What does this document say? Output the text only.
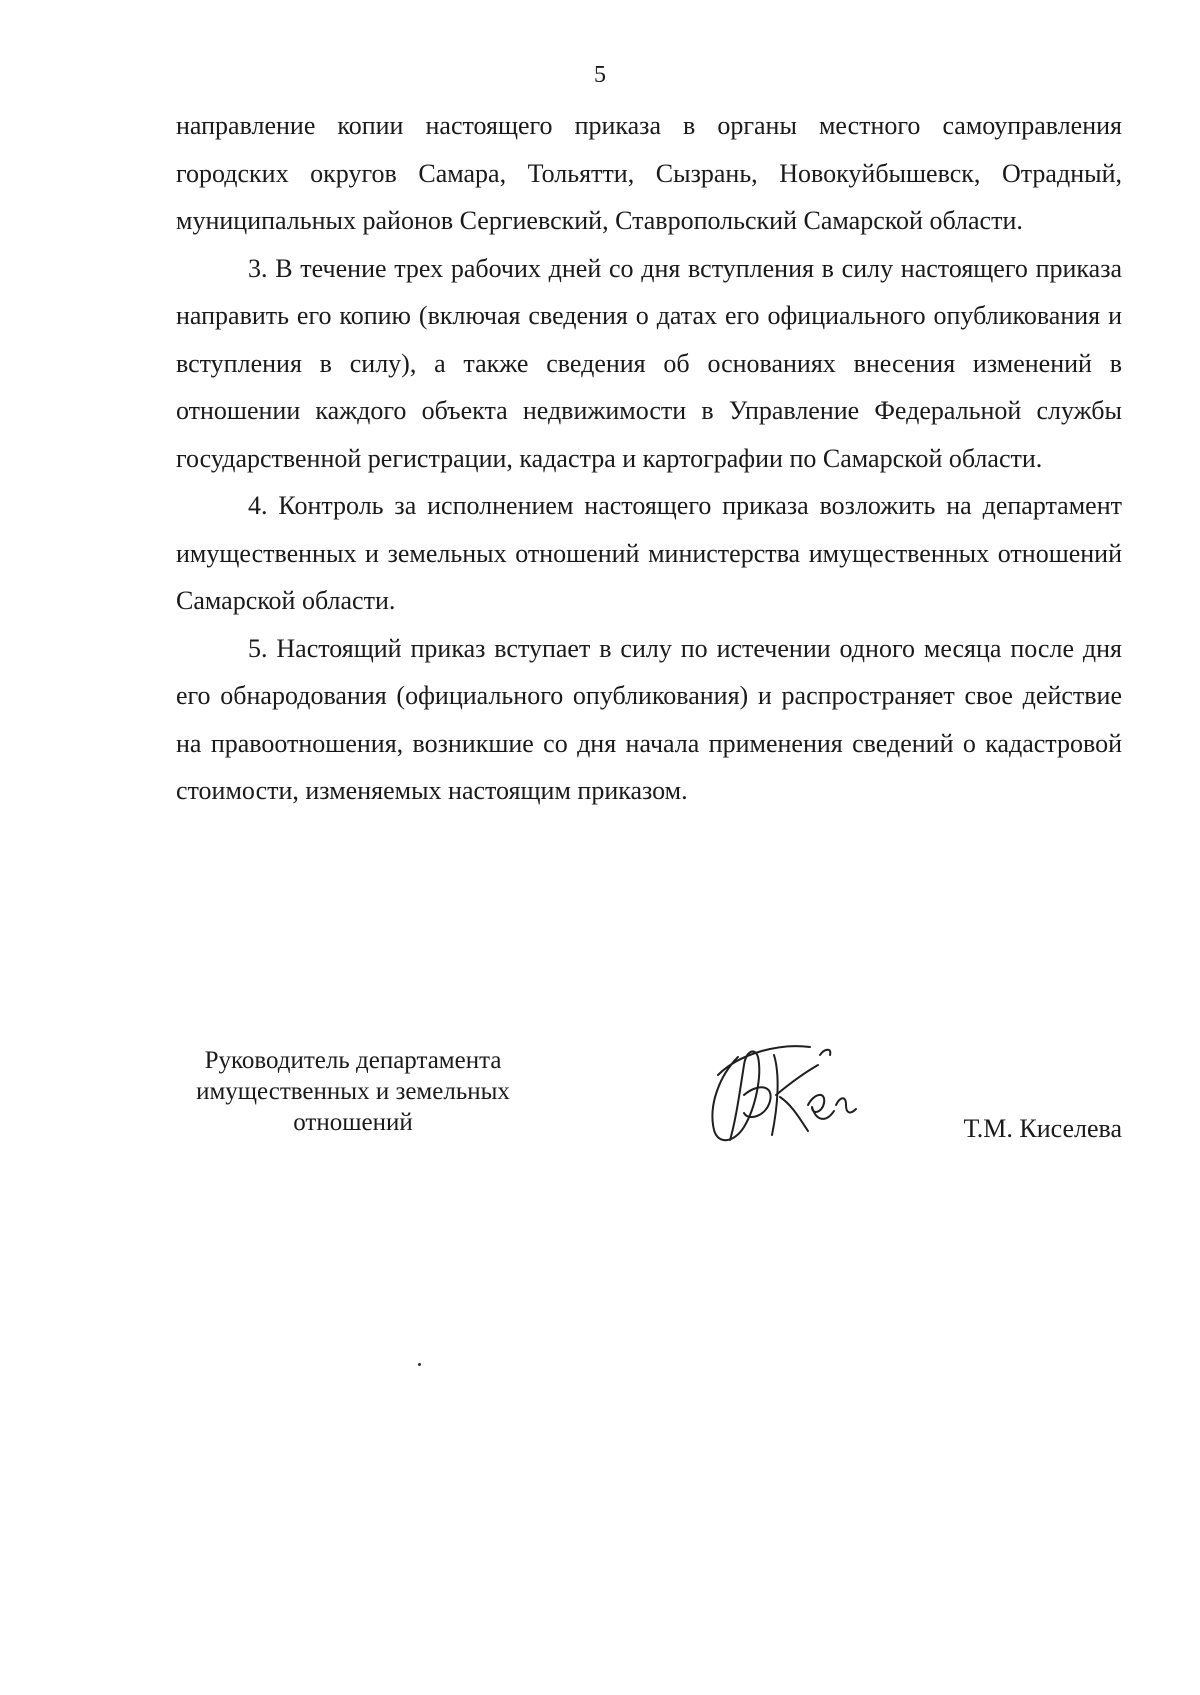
5

направление копии настоящего приказа в органы местного самоуправления городских округов Самара, Тольятти, Сызрань, Новокуйбышевск, Отрадный, муниципальных районов Сергиевский, Ставропольский Самарской области.

3. В течение трех рабочих дней со дня вступления в силу настоящего приказа направить его копию (включая сведения о датах его официального опубликования и вступления в силу), а также сведения об основаниях внесения изменений в отношении каждого объекта недвижимости в Управление Федеральной службы государственной регистрации, кадастра и картографии по Самарской области.

4. Контроль за исполнением настоящего приказа возложить на департамент имущественных и земельных отношений министерства имущественных отношений Самарской области.

5. Настоящий приказ вступает в силу по истечении одного месяца после дня его обнародования (официального опубликования) и распространяет свое действие на правоотношения, возникшие со дня начала применения сведений о кадастровой стоимости, изменяемых настоящим приказом.

Руководитель департамента
имущественных и земельных
отношений	Т.М. Киселева
